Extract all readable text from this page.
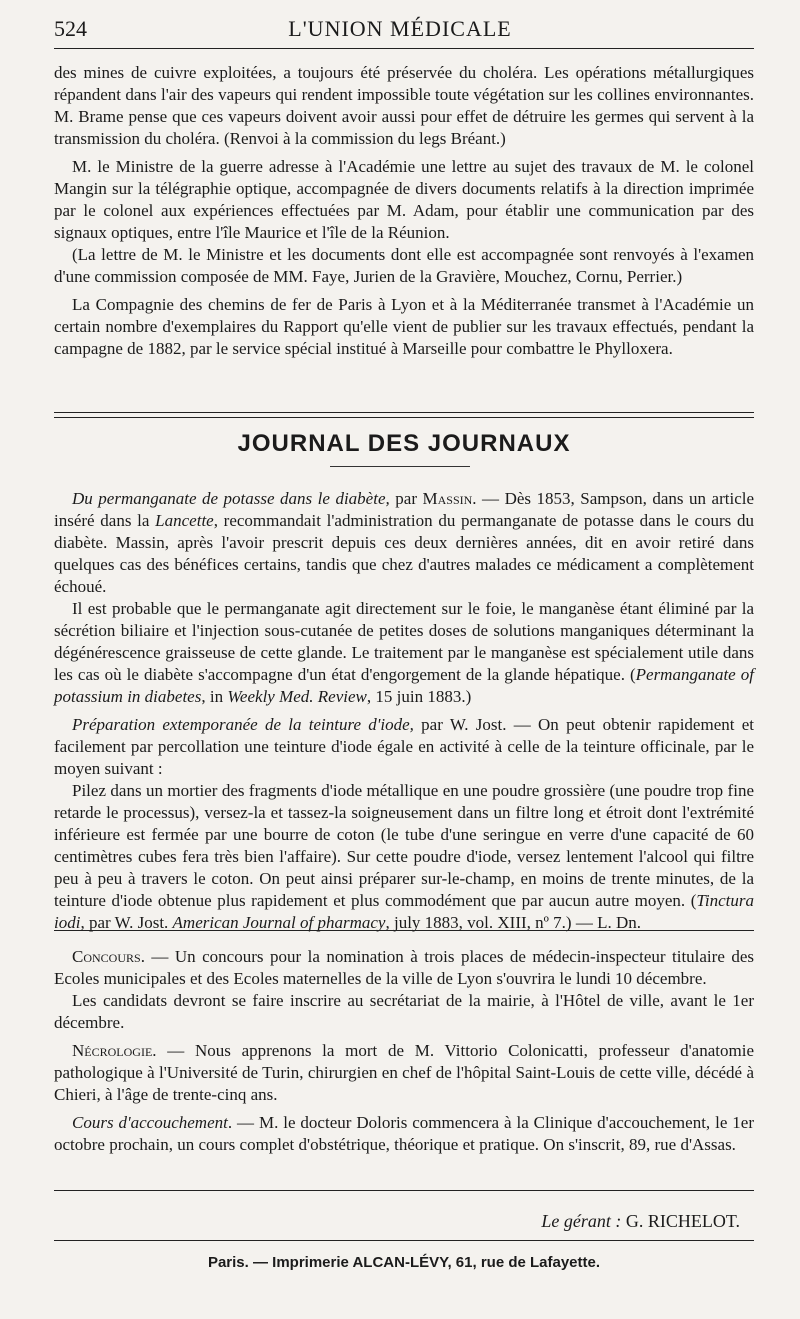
524	L'UNION MÉDICALE

des mines de cuivre exploitées, a toujours été préservée du choléra. Les opérations métallurgiques répandent dans l'air des vapeurs qui rendent impossible toute végétation sur les collines environnantes. M. Brame pense que ces vapeurs doivent avoir aussi pour effet de détruire les germes qui servent à la transmission du choléra. (Renvoi à la commission du legs Bréant.)

M. le Ministre de la guerre adresse à l'Académie une lettre au sujet des travaux de M. le colonel Mangin sur la télégraphie optique, accompagnée de divers documents relatifs à la direction imprimée par le colonel aux expériences effectuées par M. Adam, pour établir une communication par des signaux optiques, entre l'île Maurice et l'île de la Réunion.

(La lettre de M. le Ministre et les documents dont elle est accompagnée sont renvoyés à l'examen d'une commission composée de MM. Faye, Jurien de la Gravière, Mouchez, Cornu, Perrier.)

La Compagnie des chemins de fer de Paris à Lyon et à la Méditerranée transmet à l'Académie un certain nombre d'exemplaires du Rapport qu'elle vient de publier sur les travaux effectués, pendant la campagne de 1882, par le service spécial institué à Marseille pour combattre le Phylloxera.

JOURNAL DES JOURNAUX

Du permanganate de potasse dans le diabète, par Massin. — Dès 1853, Sampson, dans un article inséré dans la Lancette, recommandait l'administration du permanganate de potasse dans le cours du diabète. Massin, après l'avoir prescrit depuis ces deux dernières années, dit en avoir retiré dans quelques cas des bénéfices certains, tandis que chez d'autres malades ce médicament a complètement échoué.

Il est probable que le permanganate agit directement sur le foie, le manganèse étant éliminé par la sécrétion biliaire et l'injection sous-cutanée de petites doses de solutions manganiques déterminant la dégénérescence graisseuse de cette glande. Le traitement par le manganèse est spécialement utile dans les cas où le diabète s'accompagne d'un état d'engorgement de la glande hépatique. (Permanganate of potassium in diabetes, in Weekly Med. Review, 15 juin 1883.)

Préparation extemporanée de la teinture d'iode, par W. Jost. — On peut obtenir rapidement et facilement par percollation une teinture d'iode égale en activité à celle de la teinture officinale, par le moyen suivant :

Pilez dans un mortier des fragments d'iode métallique en une poudre grossière (une poudre trop fine retarde le processus), versez-la et tassez-la soigneusement dans un filtre long et étroit dont l'extrémité inférieure est fermée par une bourre de coton (le tube d'une seringue en verre d'une capacité de 60 centimètres cubes fera très bien l'affaire). Sur cette poudre d'iode, versez lentement l'alcool qui filtre peu à peu à travers le coton. On peut ainsi préparer sur-le-champ, en moins de trente minutes, de la teinture d'iode obtenue plus rapidement et plus commodément que par aucun autre moyen. (Tinctura iodi, par W. Jost. American Journal of pharmacy, july 1883, vol. XIII, nº 7.) — L. Dn.

Concours. — Un concours pour la nomination à trois places de médecin-inspecteur titulaire des Ecoles municipales et des Ecoles maternelles de la ville de Lyon s'ouvrira le lundi 10 décembre.

Les candidats devront se faire inscrire au secrétariat de la mairie, à l'Hôtel de ville, avant le 1er décembre.

Nécrologie. — Nous apprenons la mort de M. Vittorio Colonicatti, professeur d'anatomie pathologique à l'Université de Turin, chirurgien en chef de l'hôpital Saint-Louis de cette ville, décédé à Chieri, à l'âge de trente-cinq ans.

Cours d'accouchement. — M. le docteur Doloris commencera à la Clinique d'accouchement, le 1er octobre prochain, un cours complet d'obstétrique, théorique et pratique. On s'inscrit, 89, rue d'Assas.

Le gérant : G. RICHELOT.
Paris. — Imprimerie ALCAN-LÉVY, 61, rue de Lafayette.
